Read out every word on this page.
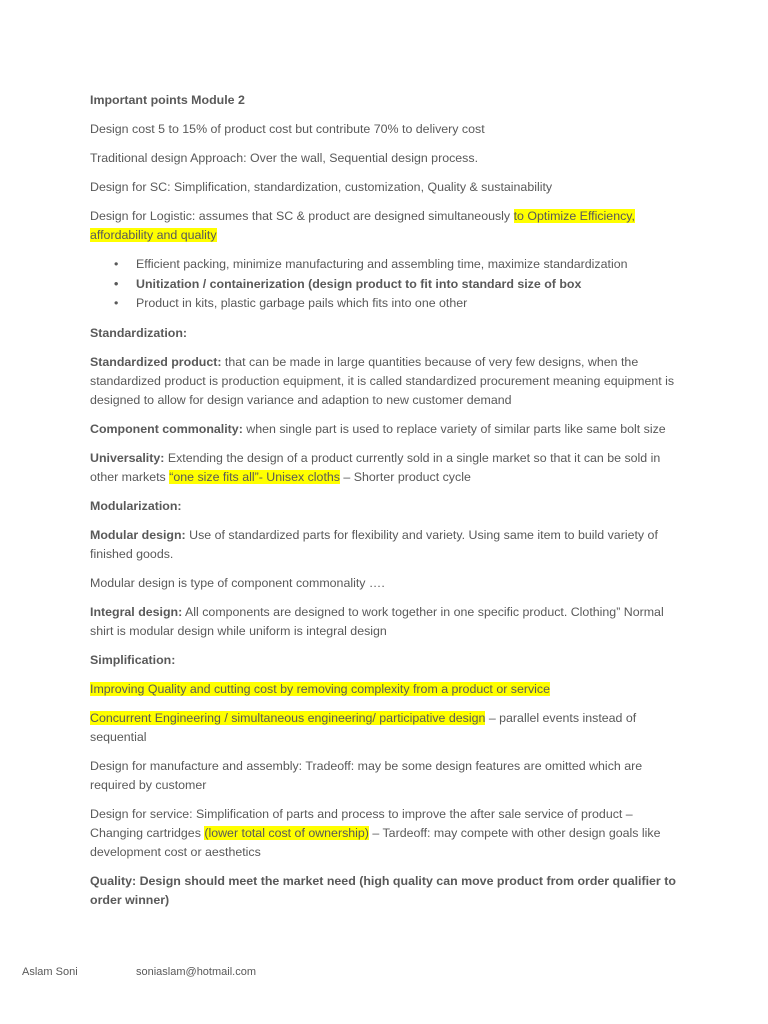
Important points Module 2

Design cost 5 to 15% of product cost but contribute 70% to delivery cost

Traditional design Approach: Over the wall, Sequential design process.

Design for SC: Simplification, standardization, customization, Quality & sustainability

Design for Logistic: assumes that SC & product are designed simultaneously to Optimize Efficiency, affordability and quality

• Efficient packing, minimize manufacturing and assembling time, maximize standardization
• Unitization / containerization (design product to fit into standard size of box
• Product in kits, plastic garbage pails which fits into one other

Standardization:

Standardized product: that can be made in large quantities because of very few designs, when the standardized product is production equipment, it is called standardized procurement meaning equipment is designed to allow for design variance and adaption to new customer demand

Component commonality: when single part is used to replace variety of similar parts like same bolt size

Universality: Extending the design of a product currently sold in a single market so that it can be sold in other markets “one size fits all”- Unisex cloths – Shorter product cycle

Modularization:

Modular design: Use of standardized parts for flexibility and variety. Using same item to build variety of finished goods.

Modular design is type of component commonality ….

Integral design: All components are designed to work together in one specific product. Clothing” Normal shirt is modular design while uniform is integral design

Simplification:

Improving Quality and cutting cost by removing complexity from a product or service

Concurrent Engineering / simultaneous engineering/ participative design – parallel events instead of sequential

Design for manufacture and assembly: Tradeoff: may be some design features are omitted which are required by customer

Design for service: Simplification of parts and process to improve the after sale service of product – Changing cartridges (lower total cost of ownership) – Tardeoff: may compete with other design goals like development cost or aesthetics

Quality: Design should meet the market need (high quality can move product from order qualifier to order winner)

Aslam Soni	soniaslam@hotmail.com
